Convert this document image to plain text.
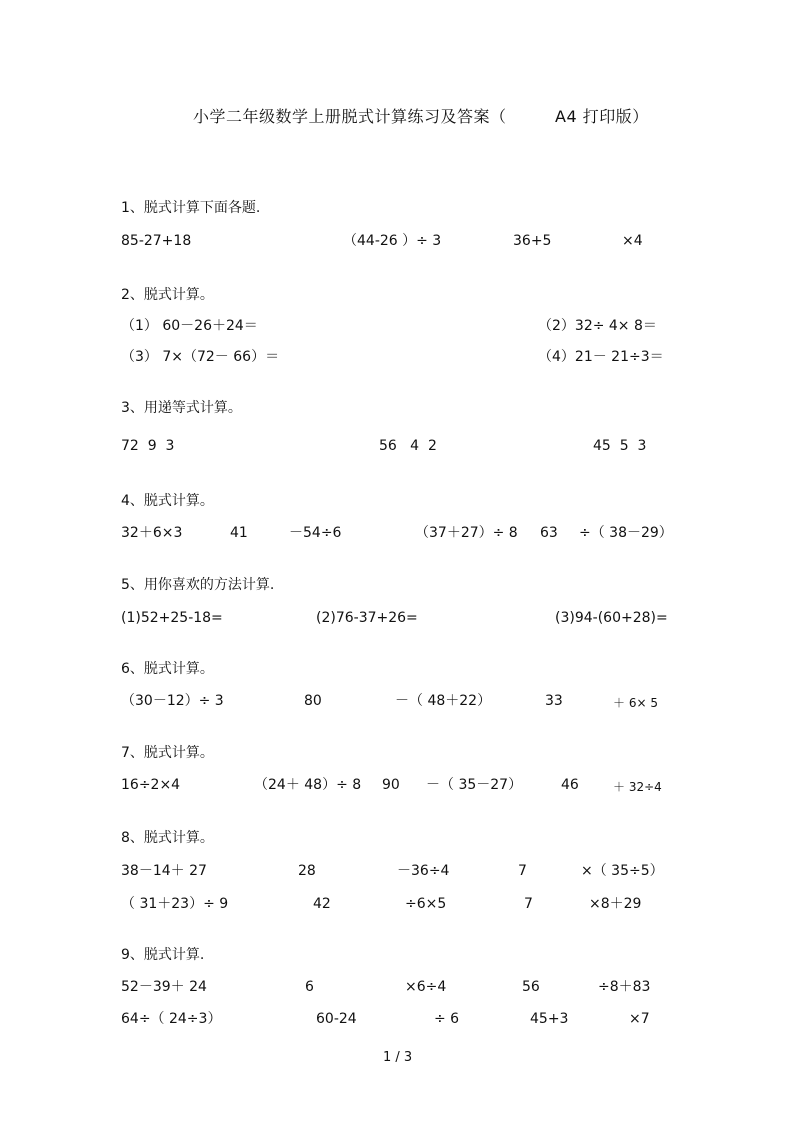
小学二年级数学上册脱式计算练习及答案（	A4 打印版）
1、脱式计算下面各题.
85-27+18	（44-26 ）÷ 3	36+5	×4
2、脱式计算。
（1） 60－26＋24＝	（2）32÷ 4× 8＝
（3） 7×（72－ 66）＝	（4）21－ 21÷3＝
3、用递等式计算。
72  9  3	56   4  2	45  5  3
4、脱式计算。
32＋6×3	41	－54÷6	（37＋27）÷ 8 63 ÷（ 38－29）
5、用你喜欢的方法计算.
(1)52+25-18=	(2)76-37+26=	(3)94-(60+28)=
6、脱式计算。
（30－12）÷ 3	80	－（ 48＋22）	33	＋ 6× 5
7、脱式计算。
16÷2×4	（24＋ 48）÷ 8 90 －（ 35－27）	46	＋ 32÷4
8、脱式计算。
38－14＋ 27	28	－36÷4	7	×（ 35÷5）
（ 31＋23）÷ 9	42	÷6×5	7	×8＋29
9、脱式计算.
52－39＋ 24	6	×6÷4	56	÷8＋83
64÷（ 24÷3）	60-24	÷ 6	45+3	×7
1 / 3
